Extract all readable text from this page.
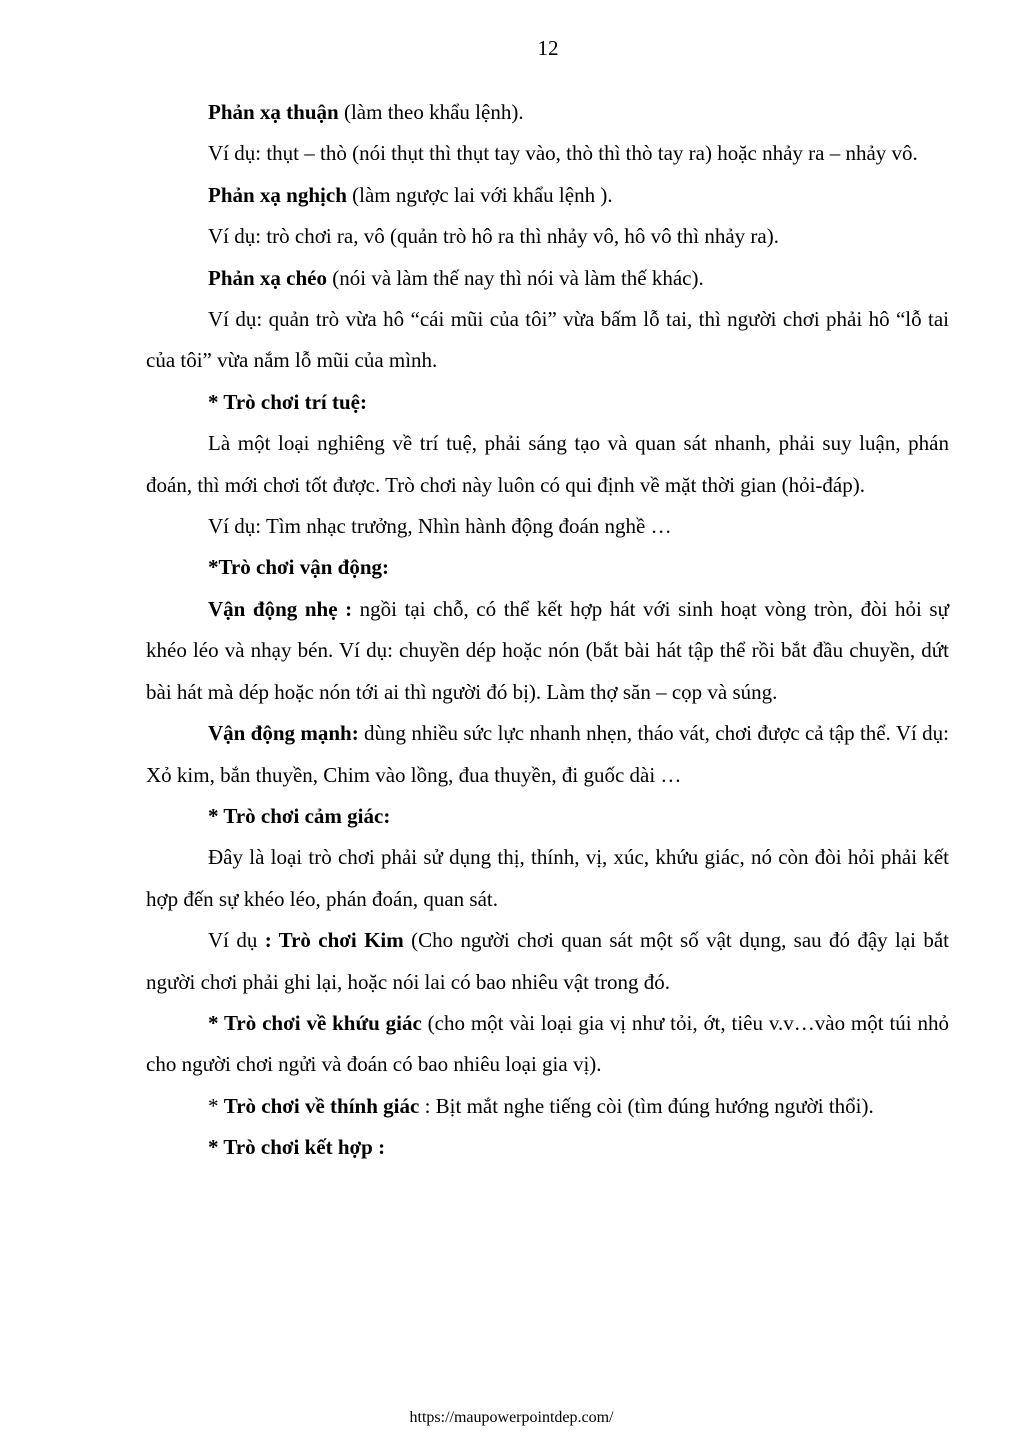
12

Phản xạ thuận (làm theo khẩu lệnh).

Ví dụ: thụt – thò (nói thụt thì thụt tay vào, thò thì thò tay ra) hoặc nhảy ra – nhảy vô.

Phản xạ nghịch (làm ngược lai với khẩu lệnh ).

Ví dụ: trò chơi ra, vô (quản trò hô ra thì nhảy vô, hô vô thì nhảy ra).

Phản xạ chéo (nói và làm thế nay thì nói và làm thế khác).

Ví dụ: quản trò vừa hô “cái mũi của tôi” vừa bấm lỗ tai, thì người chơi phải hô “lỗ tai của tôi” vừa nắm lỗ mũi của mình.

* Trò chơi trí tuệ:

Là một loại nghiêng về trí tuệ, phải sáng tạo và quan sát nhanh, phải suy luận, phán đoán, thì mới chơi tốt được. Trò chơi này luôn có qui định về mặt thời gian (hỏi-đáp).

Ví dụ: Tìm nhạc trưởng, Nhìn hành động đoán nghề …

*Trò chơi vận động:

Vận động nhẹ : ngồi tại chỗ, có thể kết hợp hát với sinh hoạt vòng tròn, đòi hỏi sự khéo léo và nhạy bén. Ví dụ: chuyền dép hoặc nón (bắt bài hát tập thể rồi bắt đầu chuyền, dứt bài hát mà dép hoặc nón tới ai thì người đó bị). Làm thợ săn – cọp và súng.

Vận động mạnh: dùng nhiều sức lực nhanh nhẹn, tháo vát, chơi được cả tập thể. Ví dụ: Xỏ kim, bắn thuyền, Chim vào lồng, đua thuyền, đi guốc dài …

* Trò chơi cảm giác:

Đây là loại trò chơi phải sử dụng thị, thính, vị, xúc, khứu giác, nó còn đòi hỏi phải kết hợp đến sự khéo léo, phán đoán, quan sát.

Ví dụ : Trò chơi Kim (Cho người chơi quan sát một số vật dụng, sau đó đậy lại bắt người chơi phải ghi lại, hoặc nói lai có bao nhiêu vật trong đó.

* Trò chơi về khứu giác (cho một vài loại gia vị như tỏi, ớt, tiêu v.v…vào một túi nhỏ cho người chơi ngửi và đoán có bao nhiêu loại gia vị).

* Trò chơi về thính giác : Bịt mắt nghe tiếng còi (tìm đúng hướng người thổi).

* Trò chơi kết hợp :

https://maupowerpointdep.com/
